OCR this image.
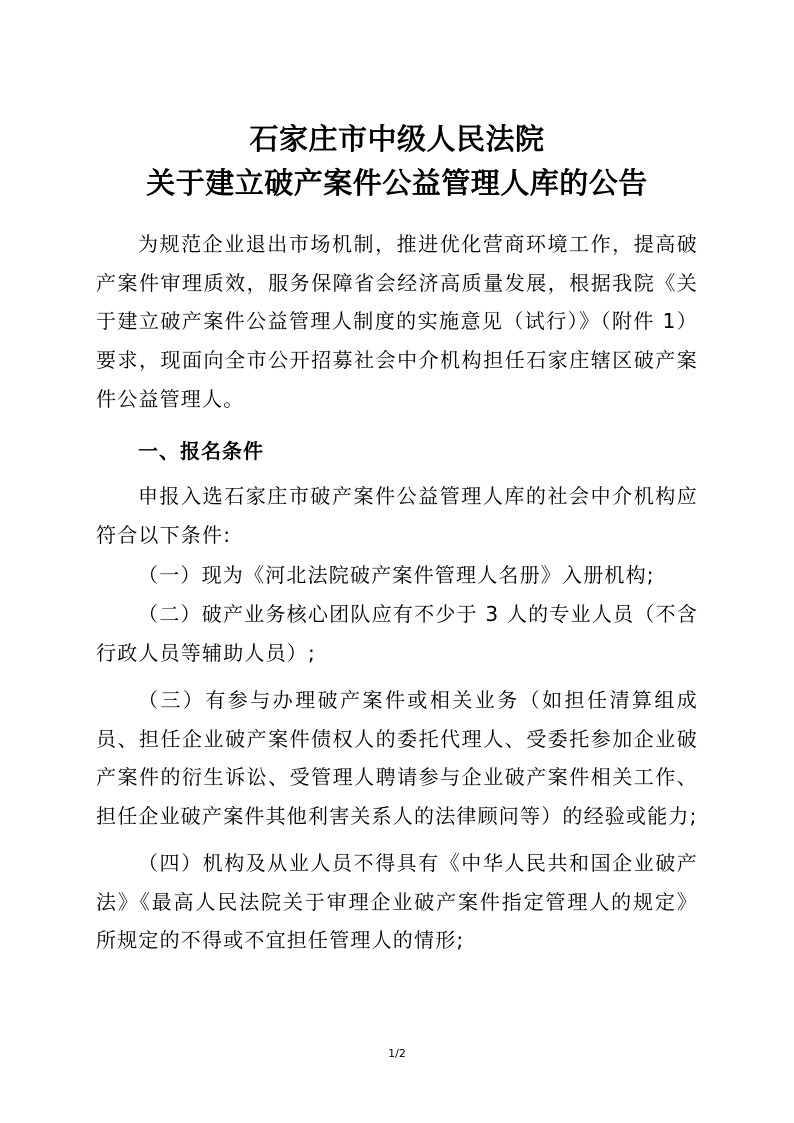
石家庄市中级人民法院
关于建立破产案件公益管理人库的公告

为规范企业退出市场机制，推进优化营商环境工作，提高破产案件审理质效，服务保障省会经济高质量发展，根据我院《关于建立破产案件公益管理人制度的实施意见（试行）》（附件 1）要求，现面向全市公开招募社会中介机构担任石家庄辖区破产案件公益管理人。

一、报名条件

申报入选石家庄市破产案件公益管理人库的社会中介机构应符合以下条件:

（一）现为《河北法院破产案件管理人名册》入册机构;

（二）破产业务核心团队应有不少于 3 人的专业人员（不含行政人员等辅助人员）;

（三）有参与办理破产案件或相关业务（如担任清算组成员、担任企业破产案件债权人的委托代理人、受委托参加企业破产案件的衍生诉讼、受管理人聘请参与企业破产案件相关工作、担任企业破产案件其他利害关系人的法律顾问等）的经验或能力;

（四）机构及从业人员不得具有《中华人民共和国企业破产法》《最高人民法院关于审理企业破产案件指定管理人的规定》所规定的不得或不宜担任管理人的情形;

1/2
